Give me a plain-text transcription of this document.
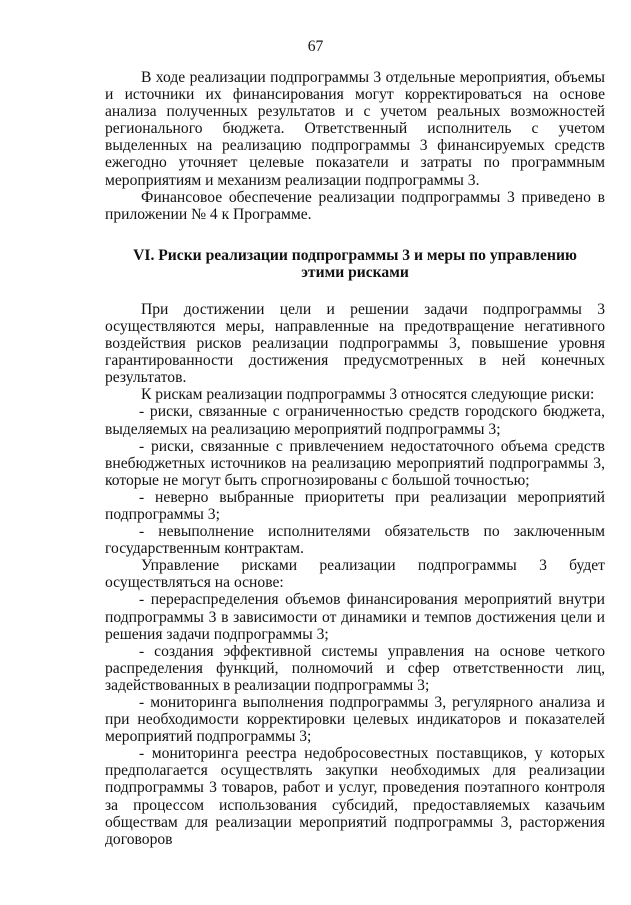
67

В ходе реализации подпрограммы 3 отдельные мероприятия, объемы и источники их финансирования могут корректироваться на основе анализа полученных результатов и с учетом реальных возможностей регионального бюджета. Ответственный исполнитель с учетом выделенных на реализацию подпрограммы 3 финансируемых средств ежегодно уточняет целевые показатели и затраты по программным мероприятиям и механизм реализации подпрограммы 3.

Финансовое обеспечение реализации подпрограммы 3 приведено в приложении № 4 к Программе.

VI. Риски реализации подпрограммы 3 и меры по управлению
этими рисками

При достижении цели и решении задачи подпрограммы 3 осуществляются меры, направленные на предотвращение негативного воздействия рисков реализации подпрограммы 3, повышение уровня гарантированности достижения предусмотренных в ней конечных результатов.

К рискам реализации подпрограммы 3 относятся следующие риски:

- риски, связанные с ограниченностью средств городского бюджета, выделяемых на реализацию мероприятий подпрограммы 3;

- риски, связанные с привлечением недостаточного объема средств внебюджетных источников на реализацию мероприятий подпрограммы 3, которые не могут быть спрогнозированы с большой точностью;

- неверно выбранные приоритеты при реализации мероприятий подпрограммы 3;

- невыполнение исполнителями обязательств по заключенным государственным контрактам.

Управление рисками реализации подпрограммы 3 будет осуществляться на основе:

- перераспределения объемов финансирования мероприятий внутри подпрограммы 3 в зависимости от динамики и темпов достижения цели и решения задачи подпрограммы 3;

- создания эффективной системы управления на основе четкого распределения функций, полномочий и сфер ответственности лиц, задействованных в реализации подпрограммы 3;

- мониторинга выполнения подпрограммы 3, регулярного анализа и при необходимости корректировки целевых индикаторов и показателей мероприятий подпрограммы 3;

- мониторинга реестра недобросовестных поставщиков, у которых предполагается осуществлять закупки необходимых для реализации подпрограммы 3 товаров, работ и услуг, проведения поэтапного контроля за процессом использования субсидий, предоставляемых казачьим обществам для реализации мероприятий подпрограммы 3, расторжения договоров
